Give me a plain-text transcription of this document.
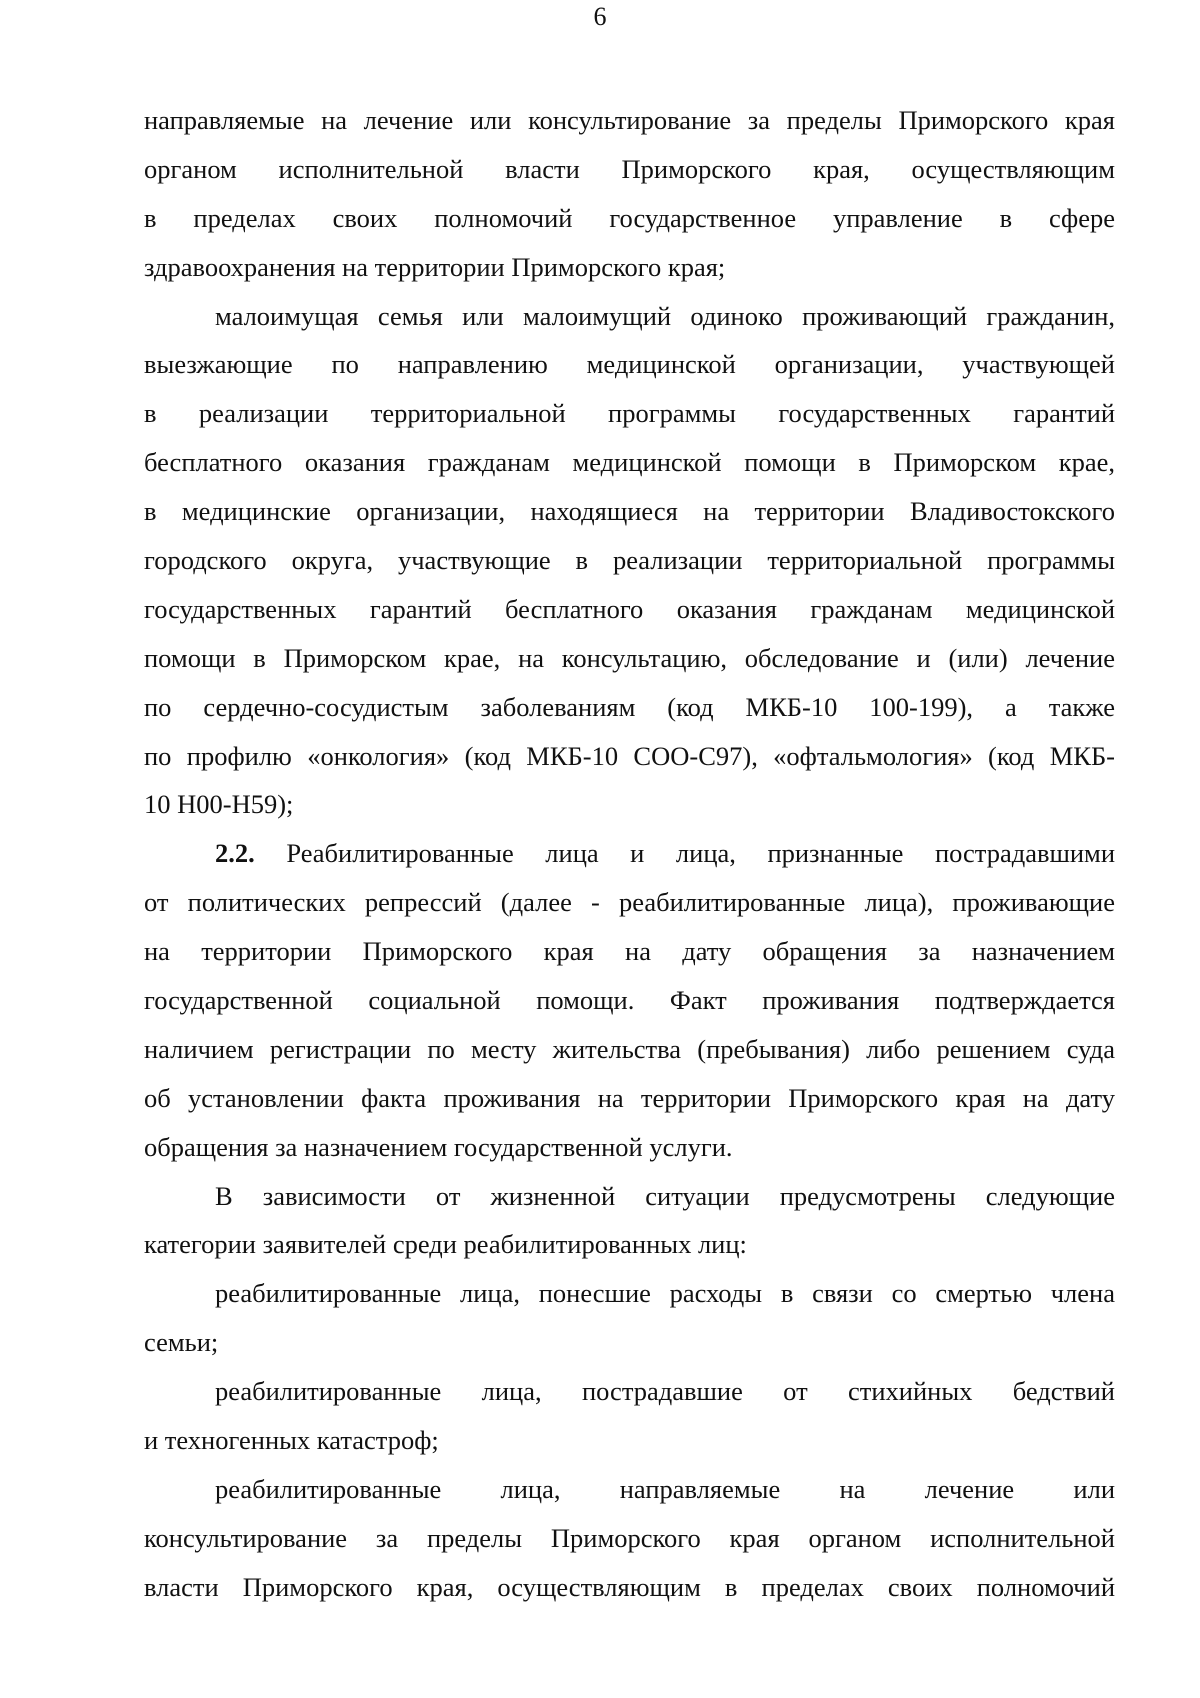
6
направляемые на лечение или консультирование за пределы Приморского края
органом исполнительной власти Приморского края, осуществляющим
в пределах своих полномочий государственное управление в сфере
здравоохранения на территории Приморского края;
малоимущая семья или малоимущий одиноко проживающий гражданин,
выезжающие по направлению медицинской организации, участвующей
в реализации территориальной программы государственных гарантий
бесплатного оказания гражданам медицинской помощи в Приморском крае,
в медицинские организации, находящиеся на территории Владивостокского
городского округа, участвующие в реализации территориальной программы
государственных гарантий бесплатного оказания гражданам медицинской
помощи в Приморском крае, на консультацию, обследование и (или) лечение
по сердечно-сосудистым заболеваниям (код МКБ-10 100-199), а также
по профилю «онкология» (код МКБ-10 СОО-С97), «офтальмология» (код МКБ-
10 Н00-Н59);
2.2. Реабилитированные лица и лица, признанные пострадавшими
от политических репрессий (далее - реабилитированные лица), проживающие
на территории Приморского края на дату обращения за назначением
государственной социальной помощи. Факт проживания подтверждается
наличием регистрации по месту жительства (пребывания) либо решением суда
об установлении факта проживания на территории Приморского края на дату
обращения за назначением государственной услуги.
В зависимости от жизненной ситуации предусмотрены следующие
категории заявителей среди реабилитированных лиц:
реабилитированные лица, понесшие расходы в связи со смертью члена
семьи;
реабилитированные лица, пострадавшие от стихийных бедствий
и техногенных катастроф;
реабилитированные лица, направляемые на лечение или
консультирование за пределы Приморского края органом исполнительной
власти Приморского края, осуществляющим в пределах своих полномочий
